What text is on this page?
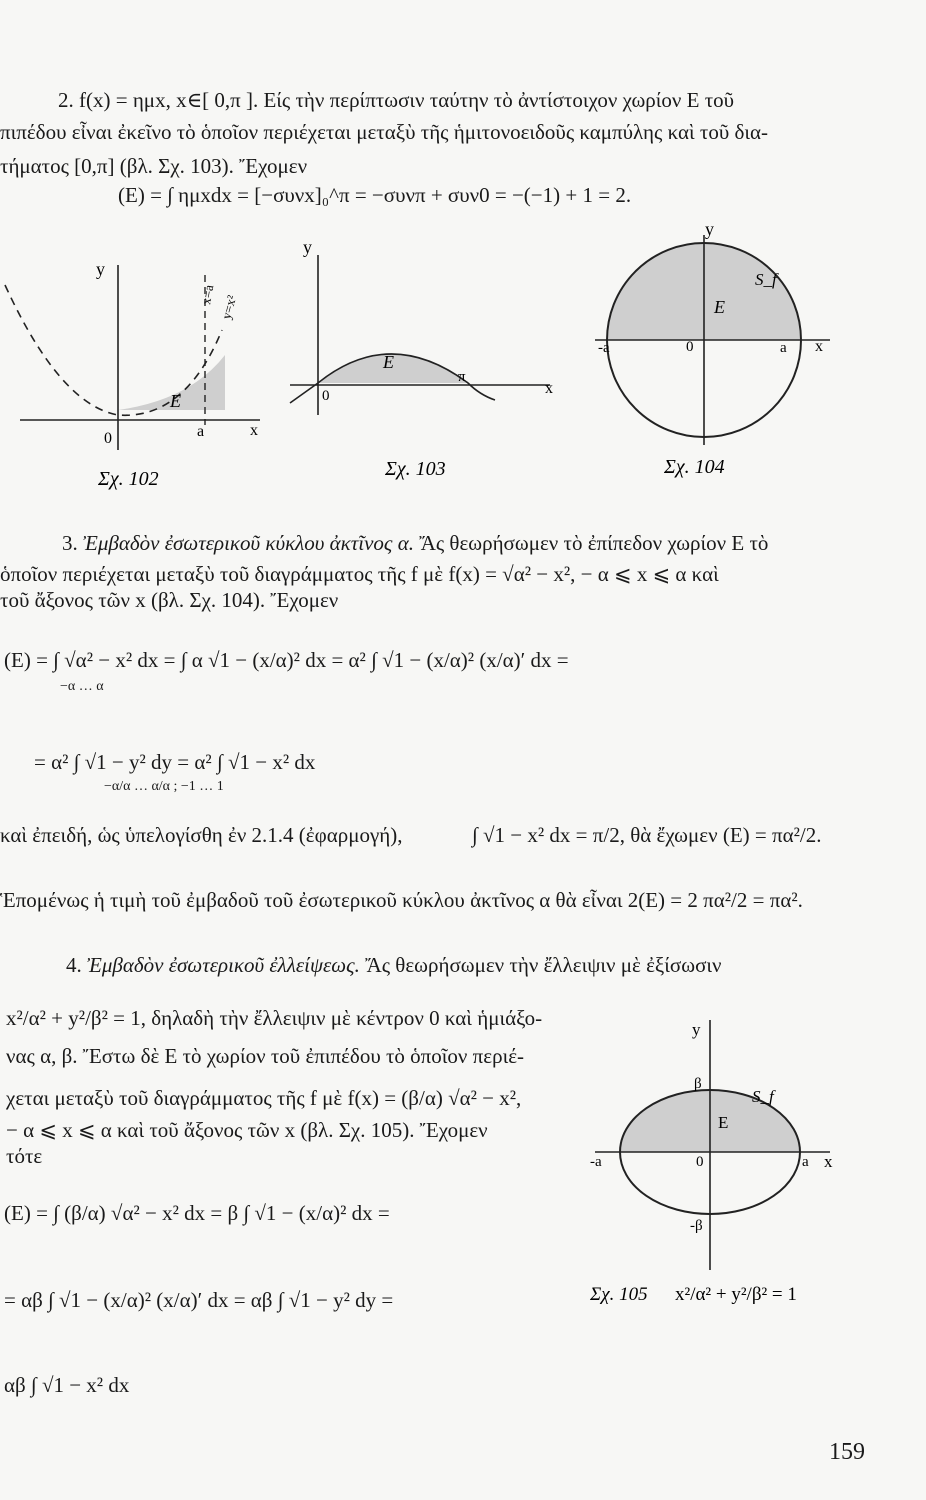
2. f(x) = ημx, x∈[ 0,π ]. Είς τὴν περίπτωσιν ταύτην τὸ ἀντίστοιχον χωρίον Ε τοῦ
πιπέδου εἶναι ἐκεῖνο τὸ ὁποῖον περιέχεται μεταξὺ τῆς ἡμιτονοειδοῦς καμπύλης καὶ τοῦ δια-
τήματος [0,π] (βλ. Σχ. 103). Ἔχομεν
(E) = ∫ ημxdx = [−συνx]₀^π = −συνπ + συν0 = −(−1) + 1 = 2.
y
x
0	a
E
x=a y=x²
Σχ. 102
y
x
0
π
E
Σχ. 103
y
x
0	a
-a
E
S_f
Σχ. 104
3. Ἐμβαδὸν ἐσωτερικοῦ κύκλου ἀκτῖνος α. Ἄς θεωρήσωμεν τὸ ἐπίπεδον χωρίον Ε τὸ
ὁποῖον περιέχεται μεταξὺ τοῦ διαγράμματος τῆς f μὲ f(x) = √α² − x², − α ⩽ x ⩽ α καὶ
τοῦ ἄξονος τῶν x (βλ. Σχ. 104). Ἔχομεν
(E) = ∫ √α² − x² dx = ∫ α √1 − (x/α)² dx = α² ∫ √1 − (x/α)² (x/α)′ dx =
−α … α
= α² ∫ √1 − y² dy = α² ∫ √1 − x² dx
−α/α … α/α ; −1 … 1
καὶ ἐπειδή, ὡς ὑπελογίσθη ἐν 2.1.4 (ἐφαρμογή),	∫ √1 − x² dx = π/2, θὰ ἔχωμεν (E) = πα²/2.
Ἑπομένως ἡ τιμὴ τοῦ ἐμβαδοῦ τοῦ ἐσωτερικοῦ κύκλου ἀκτῖνος α θὰ εἶναι 2(E) = 2 πα²/2 = πα².
4. Ἐμβαδὸν ἐσωτερικοῦ ἐλλείψεως. Ἄς θεωρήσωμεν τὴν ἔλλειψιν μὲ ἐξίσωσιν
x²/α² + y²/β² = 1, δηλαδὴ τὴν ἔλλειψιν μὲ κέντρον 0 καὶ ἡμιάξο-
νας α, β. Ἔστω δὲ Ε τὸ χωρίον τοῦ ἐπιπέδου τὸ ὁποῖον περιέ-
χεται μεταξὺ τοῦ διαγράμματος τῆς f μὲ f(x) = (β/α) √α² − x²,
− α ⩽ x ⩽ α καὶ τοῦ ἄξονος τῶν x (βλ. Σχ. 105). Ἔχομεν
τότε
(E) = ∫ (β/α) √α² − x² dx = β ∫ √1 − (x/α)² dx =
= αβ ∫ √1 − (x/α)² (x/α)′ dx = αβ ∫ √1 − y² dy =
αβ ∫ √1 − x² dx
y
x
0	a
-a
β
-β
E
S_f
Σχ. 105 x²/α² + y²/β² = 1
159
